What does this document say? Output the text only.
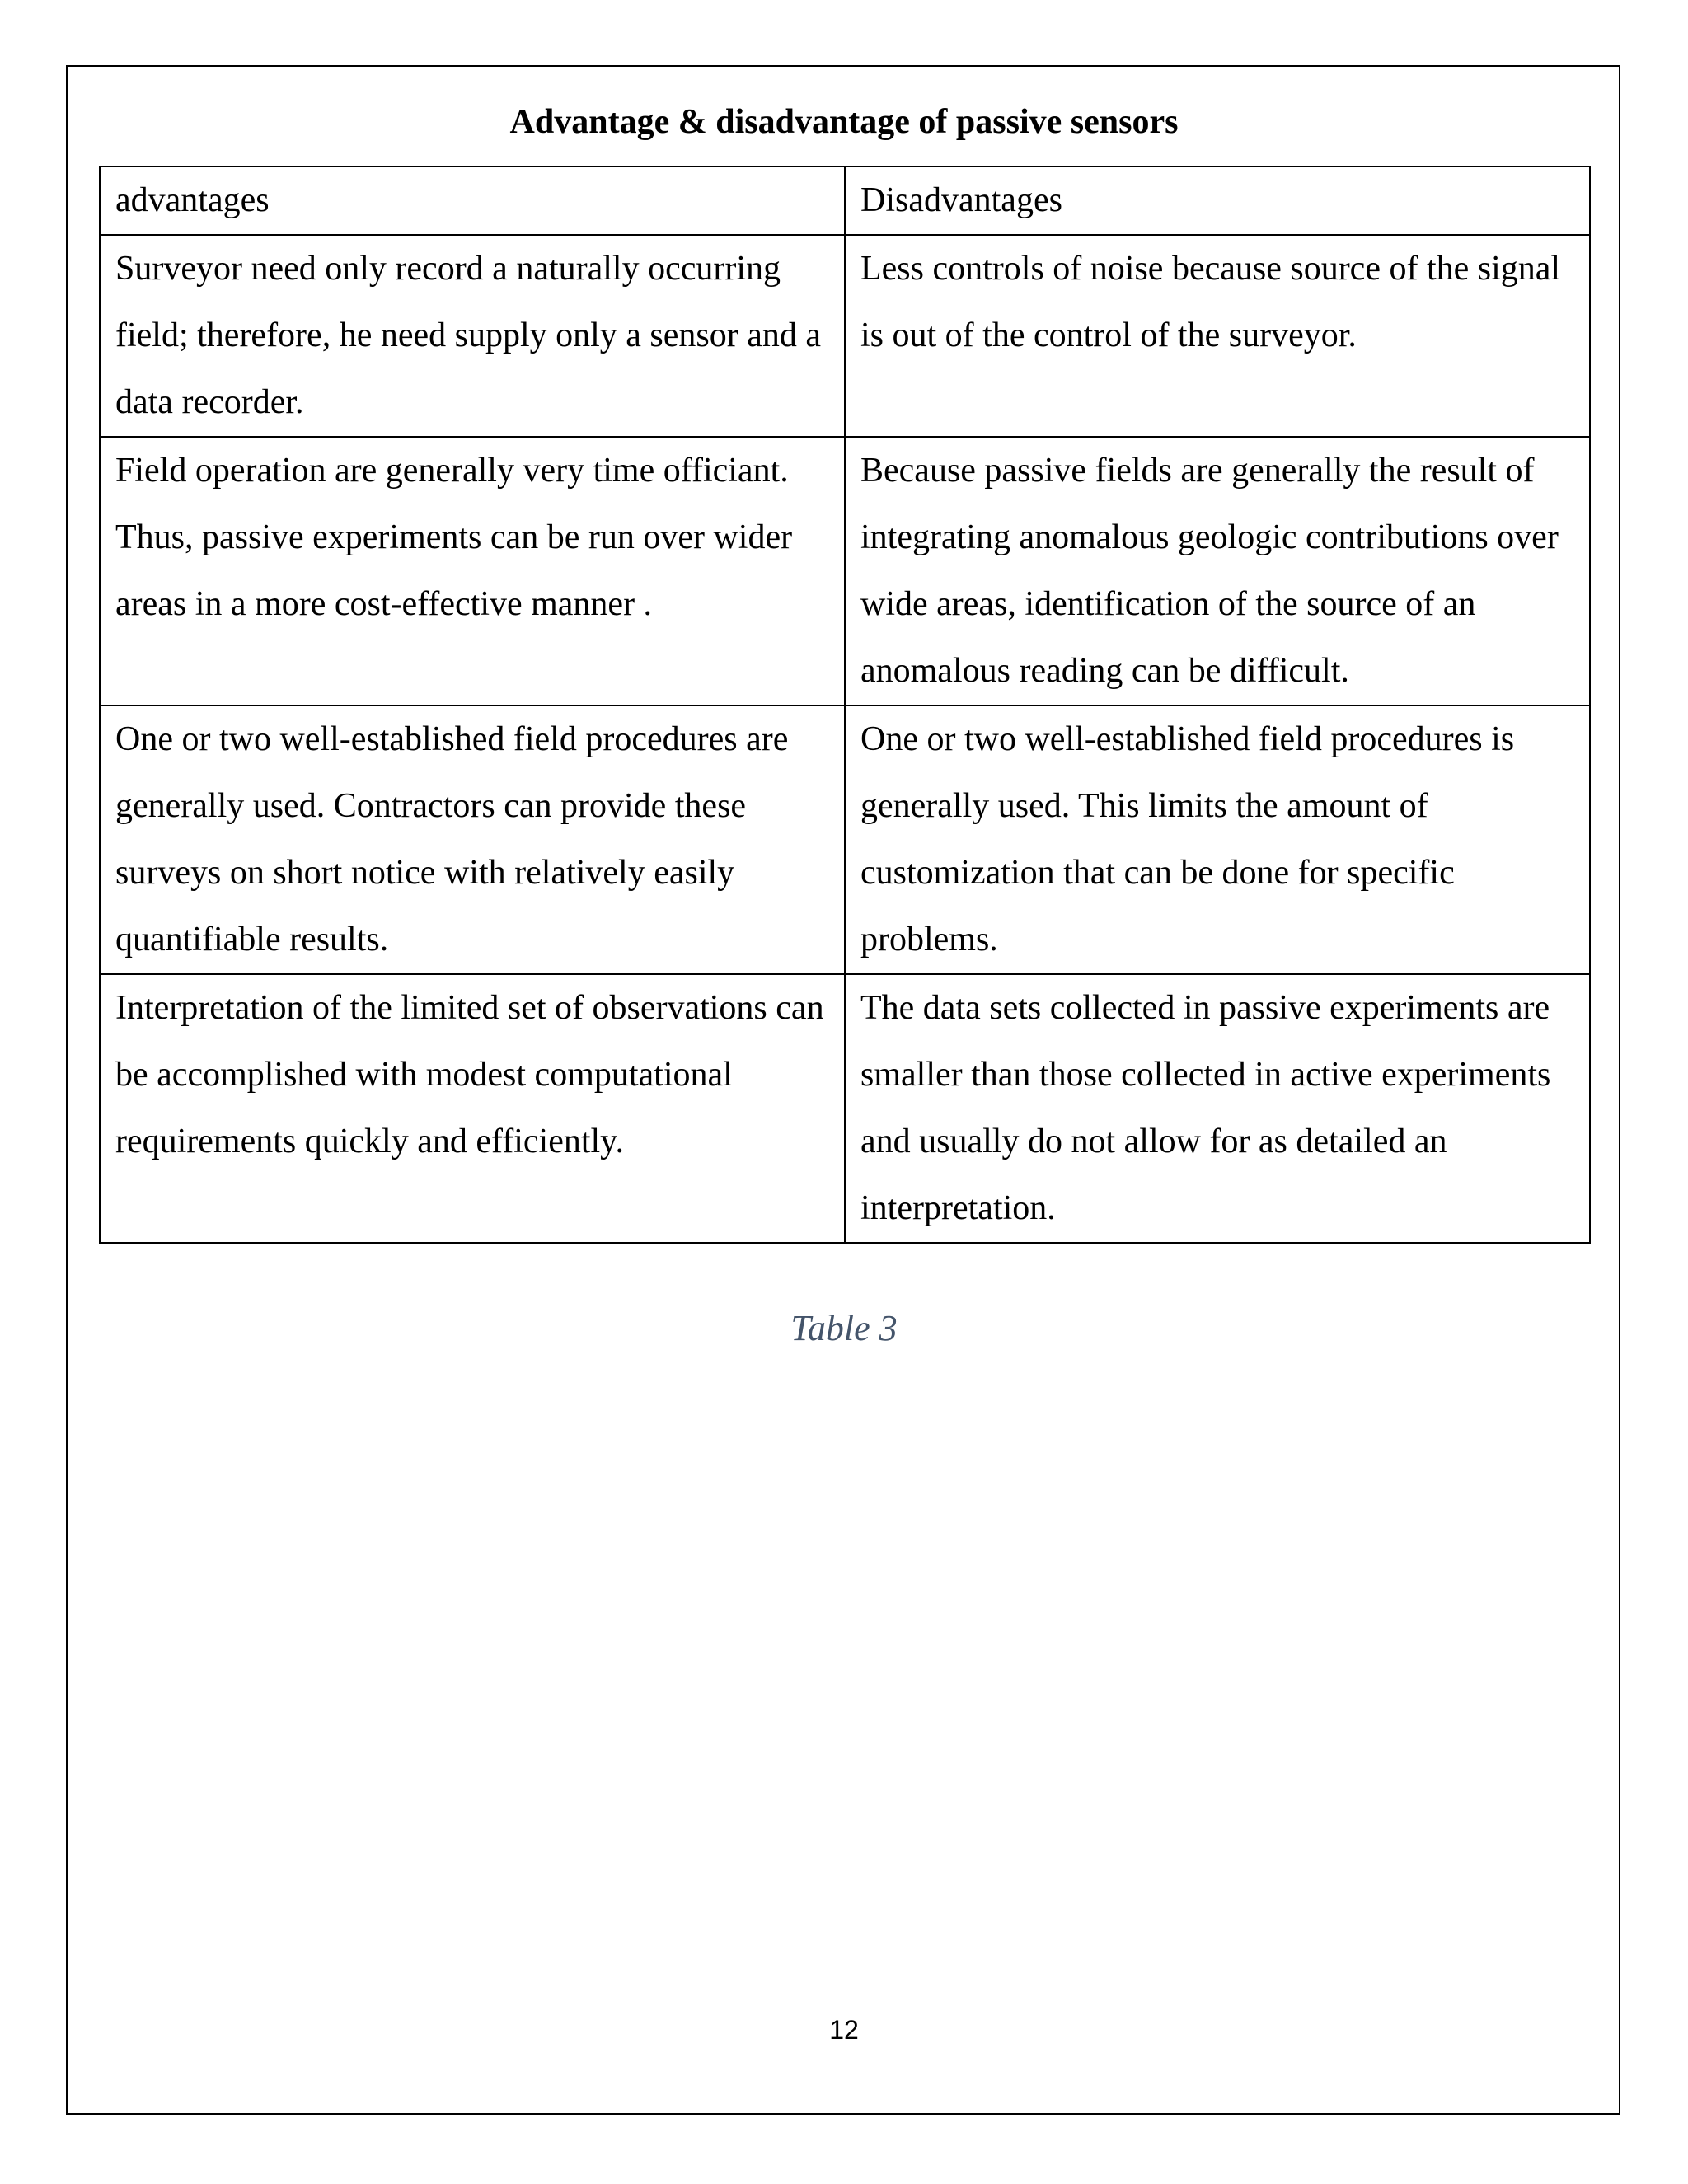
Advantage & disadvantage of passive sensors
advantages	Disadvantages
Surveyor need only record a naturally occurring field; therefore, he need supply only a sensor and a data recorder.	Less controls of noise because source of the signal is out of the control of the surveyor.
Field operation are generally very time officiant. Thus, passive experiments can be run over wider areas in a more cost-effective manner .	Because passive fields are generally the result of integrating anomalous geologic contributions over wide areas, identification of the source of an anomalous reading can be difficult.
One or two well-established field procedures are generally used. Contractors can provide these surveys on short notice with relatively easily quantifiable results.	One or two well-established field procedures is generally used. This limits the amount of customization that can be done for specific problems.
Interpretation of the limited set of observations can be accomplished with modest computational requirements quickly and efficiently.	The data sets collected in passive experiments are smaller than those collected in active experiments and usually do not allow for as detailed an interpretation.

Table 3

12
